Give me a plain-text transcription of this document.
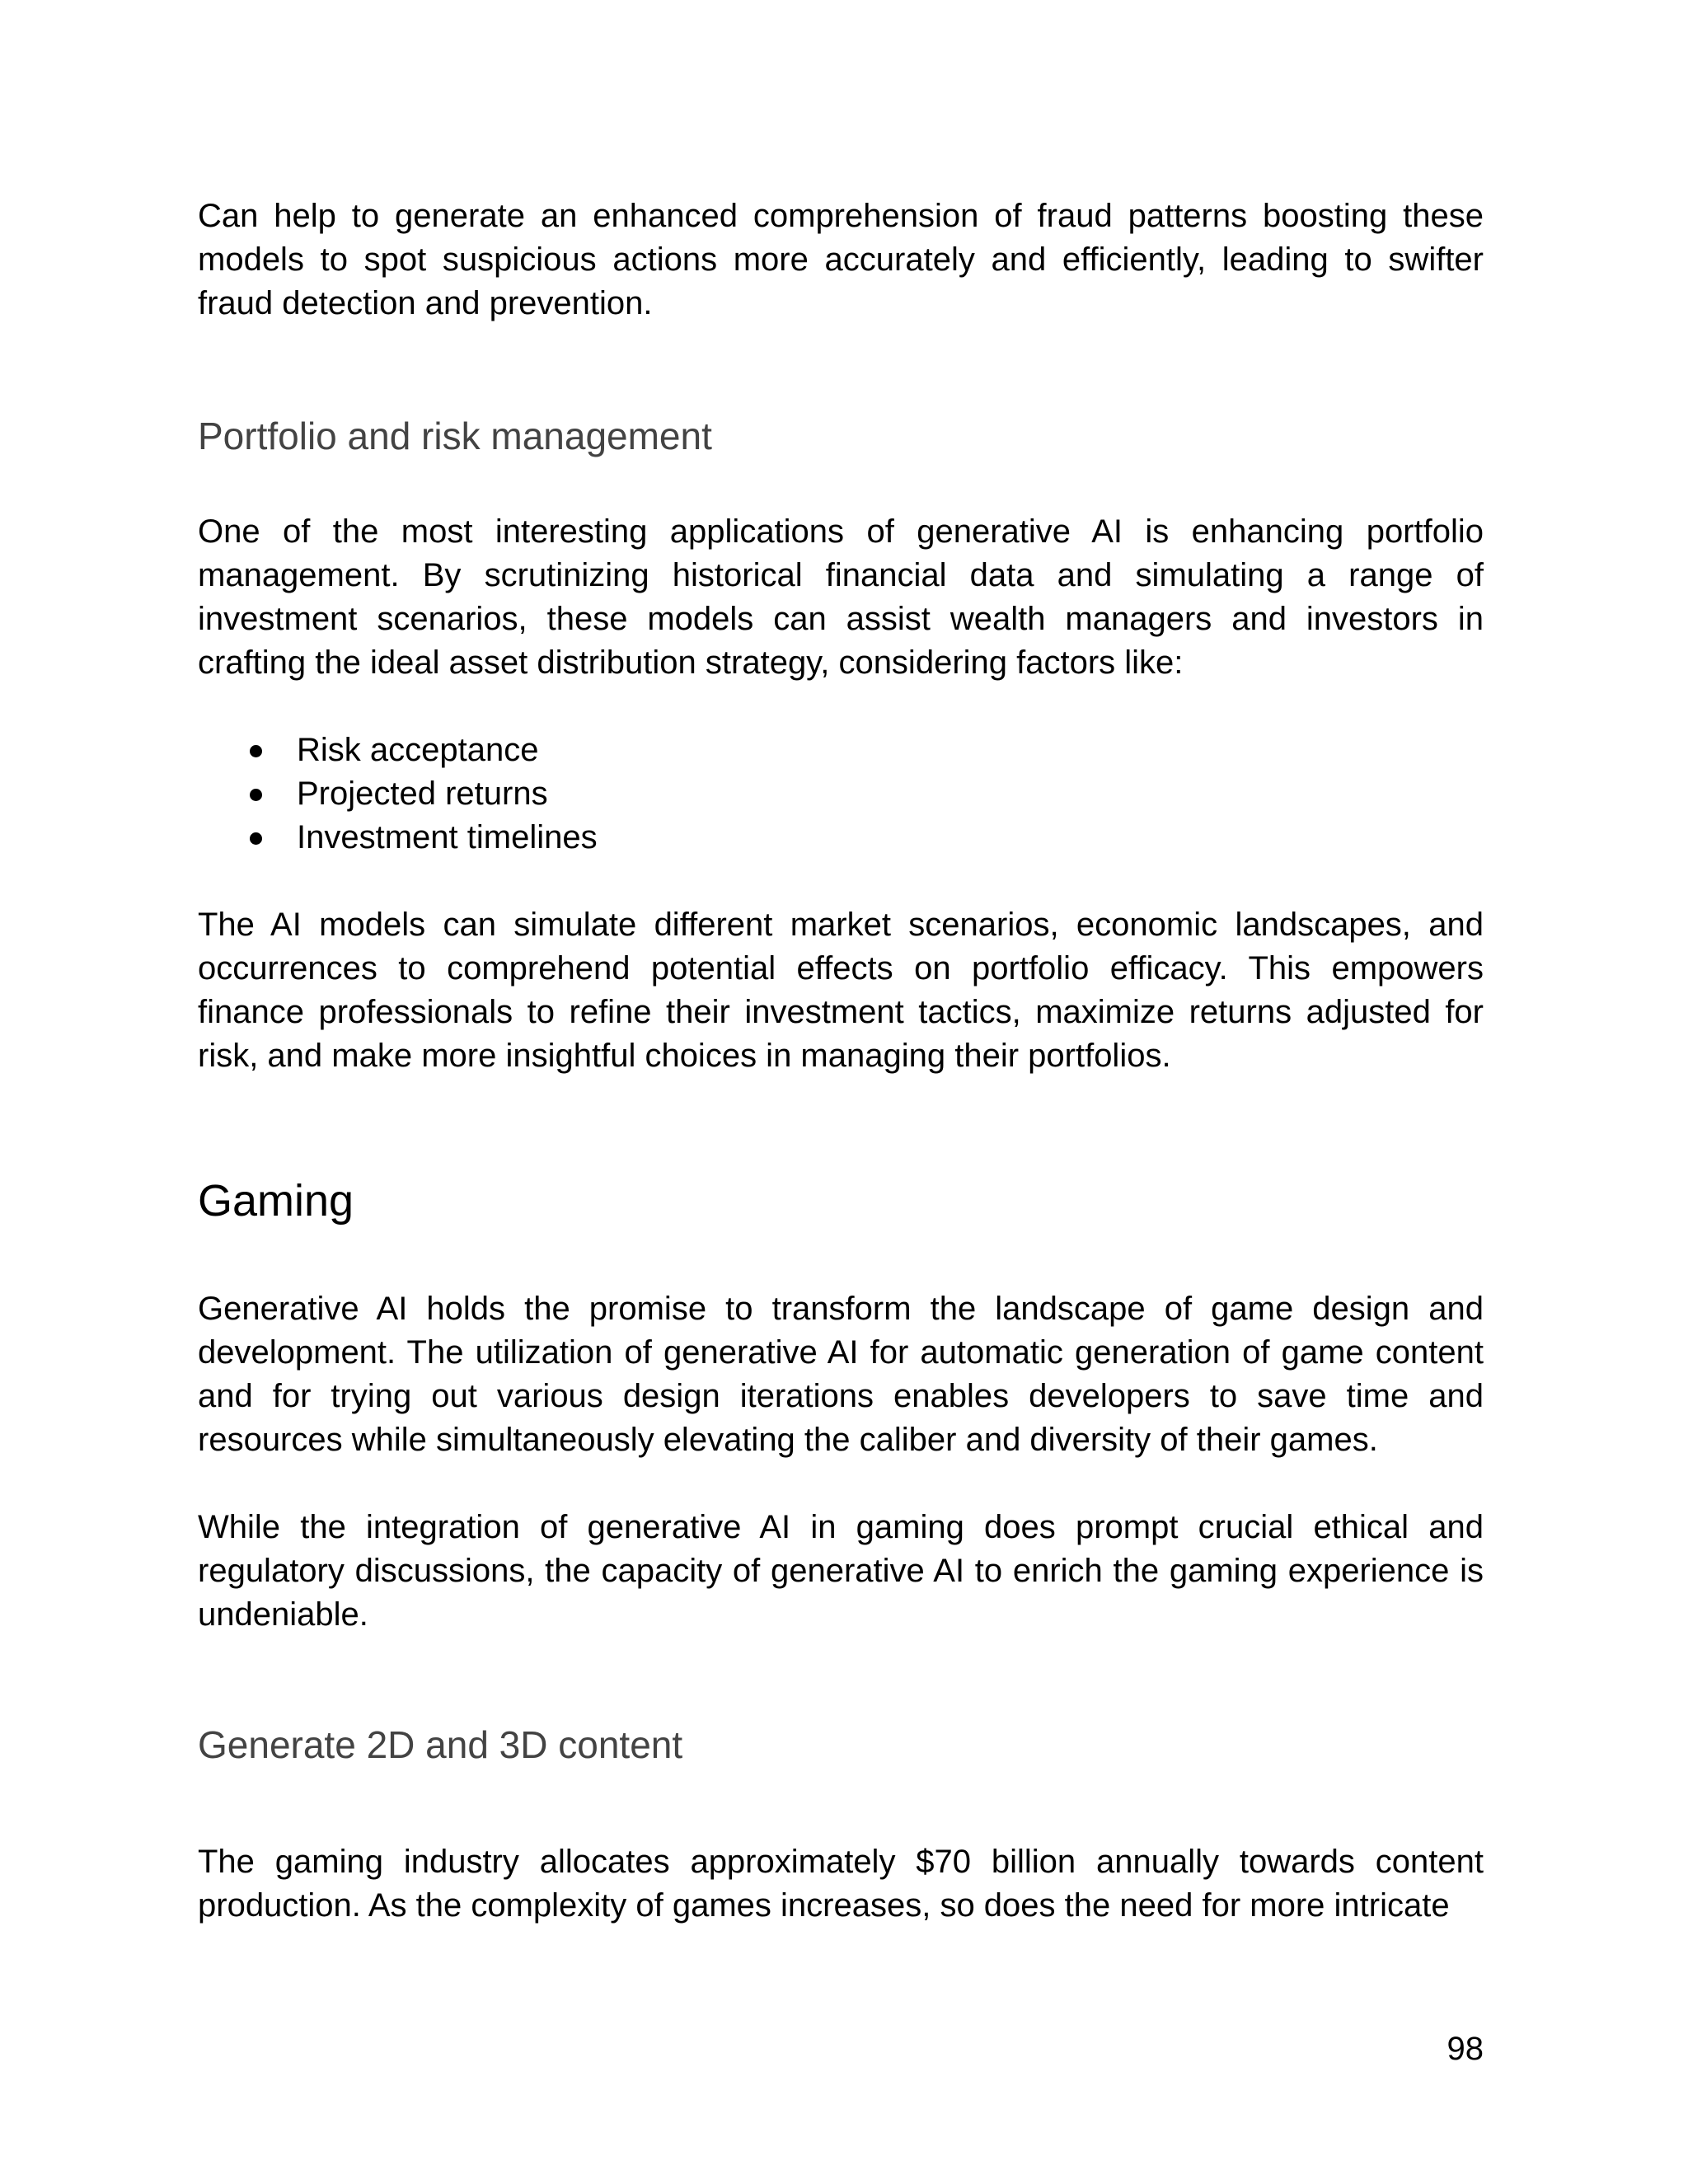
Can help to generate an enhanced comprehension of fraud patterns boosting these models to spot suspicious actions more accurately and efficiently, leading to swifter fraud detection and prevention.

Portfolio and risk management

One of the most interesting applications of generative AI is enhancing portfolio management. By scrutinizing historical financial data and simulating a range of investment scenarios, these models can assist wealth managers and investors in crafting the ideal asset distribution strategy, considering factors like:

Risk acceptance
Projected returns
Investment timelines

The AI models can simulate different market scenarios, economic landscapes, and occurrences to comprehend potential effects on portfolio efficacy. This empowers finance professionals to refine their investment tactics, maximize returns adjusted for risk, and make more insightful choices in managing their portfolios.

Gaming

Generative AI holds the promise to transform the landscape of game design and development. The utilization of generative AI for automatic generation of game content and for trying out various design iterations enables developers to save time and resources while simultaneously elevating the caliber and diversity of their games.

While the integration of generative AI in gaming does prompt crucial ethical and regulatory discussions, the capacity of generative AI to enrich the gaming experience is undeniable.

Generate 2D and 3D content

The gaming industry allocates approximately $70 billion annually towards content production. As the complexity of games increases, so does the need for more intricate

98
